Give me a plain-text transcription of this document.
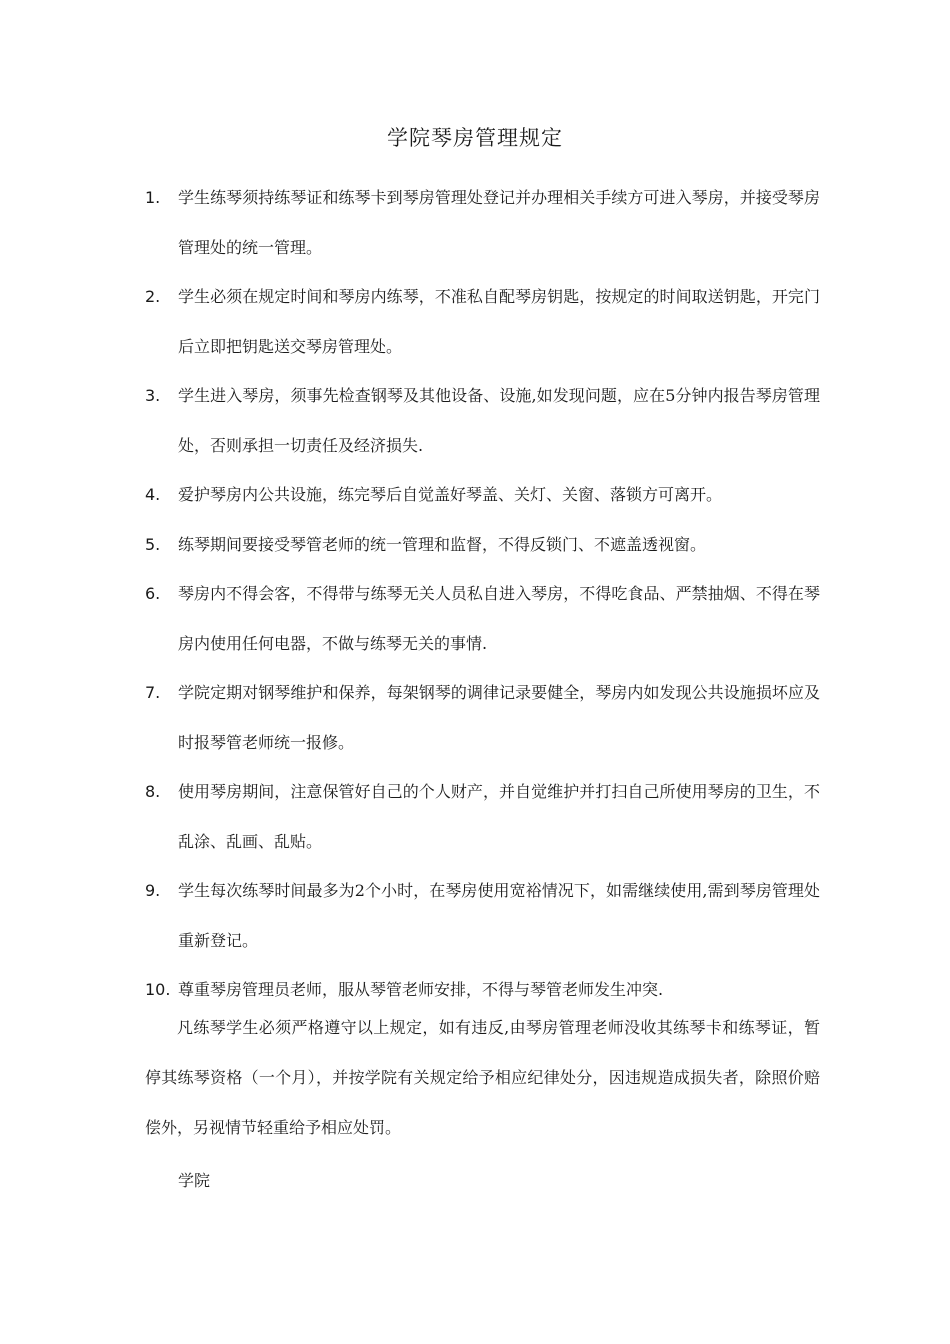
学院琴房管理规定
1. 学生练琴须持练琴证和练琴卡到琴房管理处登记并办理相关手续方可进入琴房，并接受琴房管理处的统一管理。
2. 学生必须在规定时间和琴房内练琴，不准私自配琴房钥匙，按规定的时间取送钥匙，开完门后立即把钥匙送交琴房管理处。
3. 学生进入琴房，须事先检查钢琴及其他设备、设施,如发现问题，应在5分钟内报告琴房管理处，否则承担一切责任及经济损失.
4. 爱护琴房内公共设施，练完琴后自觉盖好琴盖、关灯、关窗、落锁方可离开。
5. 练琴期间要接受琴管老师的统一管理和监督，不得反锁门、不遮盖透视窗。
6. 琴房内不得会客，不得带与练琴无关人员私自进入琴房，不得吃食品、严禁抽烟、不得在琴房内使用任何电器，不做与练琴无关的事情.
7. 学院定期对钢琴维护和保养，每架钢琴的调律记录要健全，琴房内如发现公共设施损坏应及时报琴管老师统一报修。
8. 使用琴房期间，注意保管好自己的个人财产，并自觉维护并打扫自己所使用琴房的卫生，不乱涂、乱画、乱贴。
9. 学生每次练琴时间最多为2个小时，在琴房使用宽裕情况下，如需继续使用,需到琴房管理处重新登记。
10. 尊重琴房管理员老师，服从琴管老师安排，不得与琴管老师发生冲突.

凡练琴学生必须严格遵守以上规定，如有违反,由琴房管理老师没收其练琴卡和练琴证，暂停其练琴资格（一个月），并按学院有关规定给予相应纪律处分，因违规造成损失者，除照价赔偿外，另视情节轻重给予相应处罚。

学院
